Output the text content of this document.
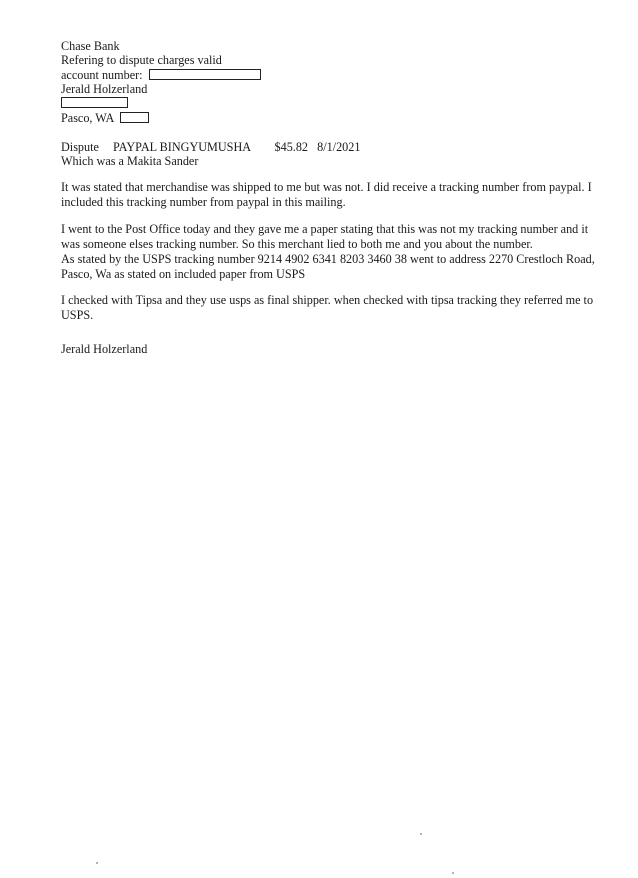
Chase Bank
Refering to dispute charges valid
account number:
Jerald Holzerland
Pasco, WA
Dispute PAYPAL BINGYUMUSHA $45.82 8/1/2021
Which was a Makita Sander
It was stated that merchandise was shipped to me but was not. I did receive a tracking number from paypal. I
included this tracking number from paypal in this mailing.
I went to the Post Office today and they gave me a paper stating that this was not my tracking number and it
was someone elses tracking number. So this merchant lied to both me and you about the number.
As stated by the USPS tracking number 9214 4902 6341 8203 3460 38 went to address 2270 Crestloch Road,
Pasco, Wa as stated on included paper from USPS
I checked with Tipsa and they use usps as final shipper. when checked with tipsa tracking they referred me to
USPS.
Jerald Holzerland
